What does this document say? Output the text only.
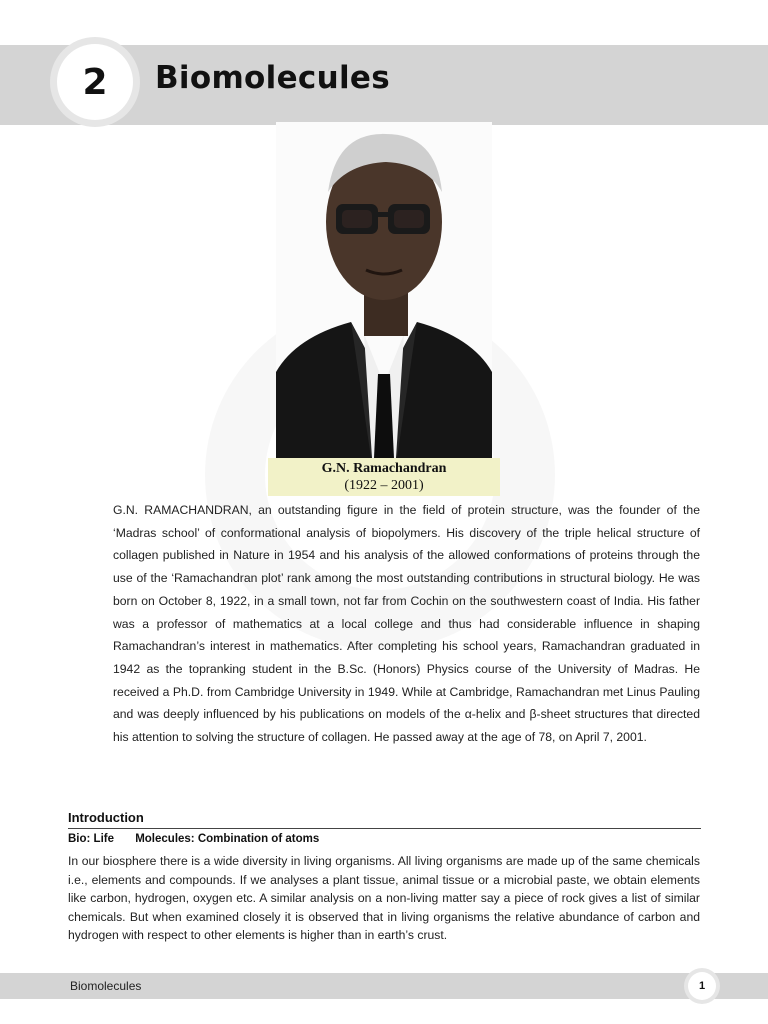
2	Biomolecules
G.N. Ramachandran
(1922 – 2001)

G.N. RAMACHANDRAN, an outstanding figure in the field of protein structure, was the founder of the ‘Madras school’ of conformational analysis of biopolymers. His discovery of the triple helical structure of collagen published in Nature in 1954 and his analysis of the allowed conformations of proteins through the use of the ‘Ramachandran plot’ rank among the most outstanding contributions in structural biology. He was born on October 8, 1922, in a small town, not far from Cochin on the southwestern coast of India. His father was a professor of mathematics at a local college and thus had considerable influence in shaping Ramachandran’s interest in mathematics. After completing his school years, Ramachandran graduated in 1942 as the topranking student in the B.Sc. (Honors) Physics course of the University of Madras. He received a Ph.D. from Cambridge University in 1949. While at Cambridge, Ramachandran met Linus Pauling and was deeply influenced by his publications on models of the α-helix and β-sheet structures that directed his attention to solving the structure of collagen. He passed away at the age of 78, on April 7, 2001.

Introduction
Bio: Life Molecules: Combination of atoms

In our biosphere there is a wide diversity in living organisms. All living organisms are made up of the same chemicals i.e., elements and compounds. If we analyses a plant tissue, animal tissue or a microbial paste, we obtain elements like carbon, hydrogen, oxygen etc. A similar analysis on a non-living matter say a piece of rock gives a list of similar chemicals. But when examined closely it is observed that in living organisms the relative abundance of carbon and hydrogen with respect to other elements is higher than in earth’s crust.

Biomolecules	1
